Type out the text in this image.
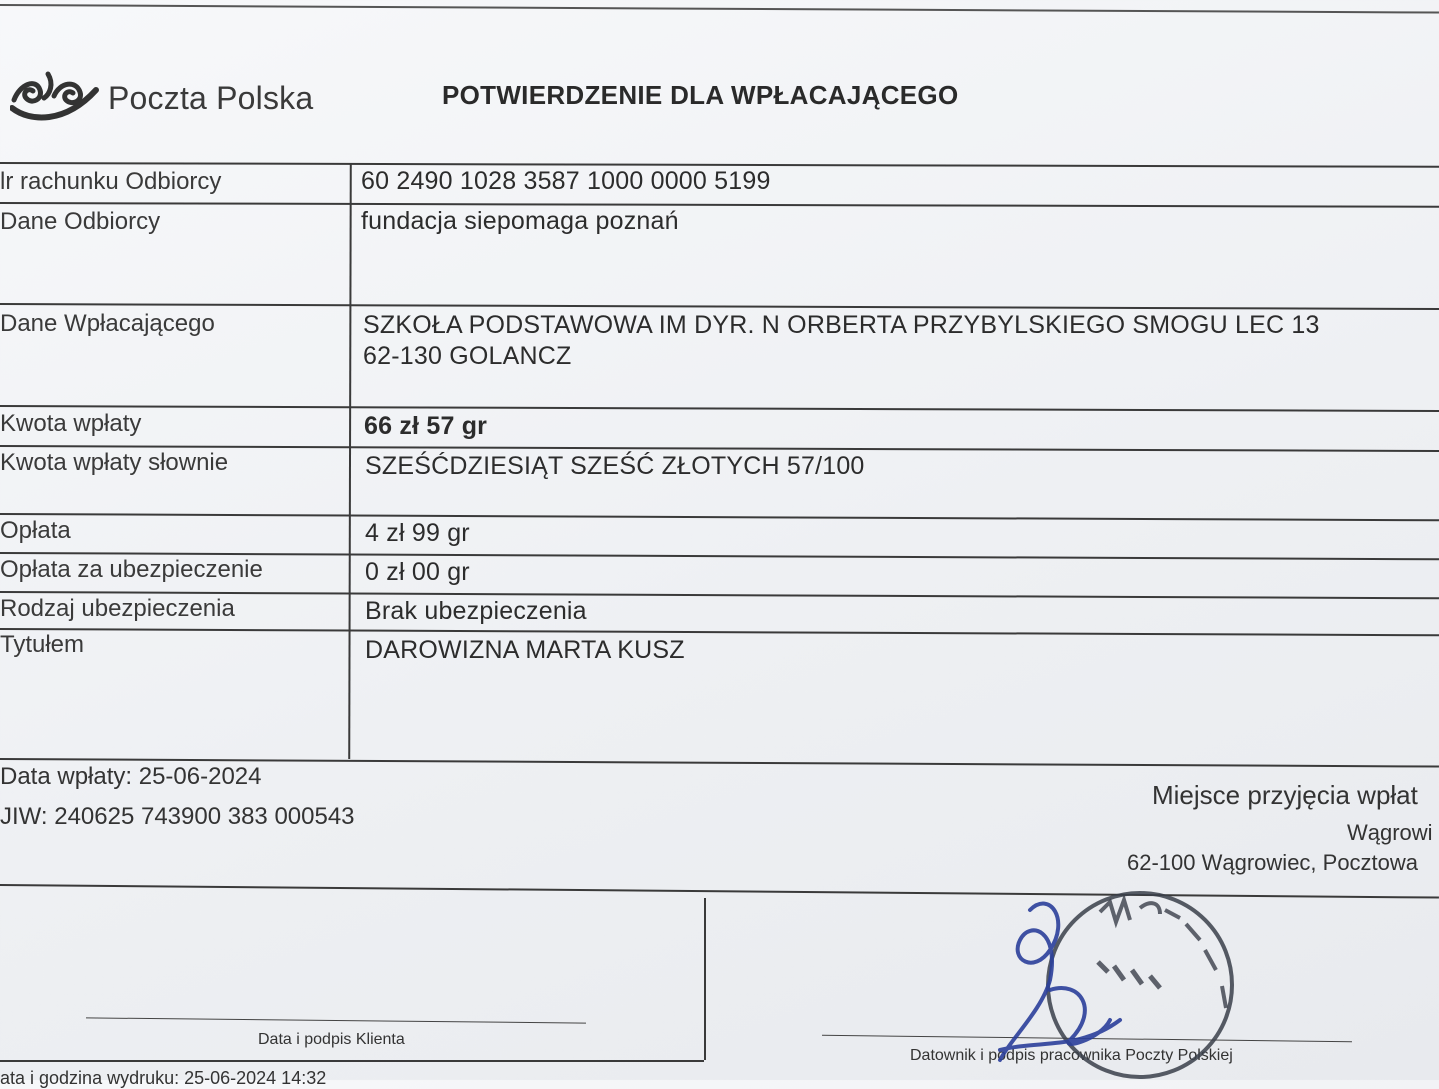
Poczta Polska	POTWIERDZENIE DLA WPŁACAJĄCEGO
lr rachunku Odbiorcy
Dane Odbiorcy
Dane Wpłacającego
Kwota wpłaty
Kwota wpłaty słownie
Opłata
Opłata za ubezpieczenie
Rodzaj ubezpieczenia
Tytułem
60 2490 1028 3587 1000 0000 5199
fundacja siepomaga poznań
SZKOŁA PODSTAWOWA IM DYR. N ORBERTA PRZYBYLSKIEGO SMOGU LEC 13
62-130 GOLANCZ
66 zł 57 gr
SZEŚĆDZIESIĄT SZEŚĆ ZŁOTYCH 57/100
4 zł 99 gr
0 zł 00 gr
Brak ubezpieczenia
DAROWIZNA MARTA KUSZ
Data wpłaty: 25-06-2024
JIW: 240625 743900 383 000543
Miejsce przyjęcia wpłat
Wągrowi
62-100 Wągrowiec, Pocztowa
Data i podpis Klienta
Datownik i podpis pracownika Poczty Polskiej
ata i godzina wydruku: 25-06-2024 14:32
